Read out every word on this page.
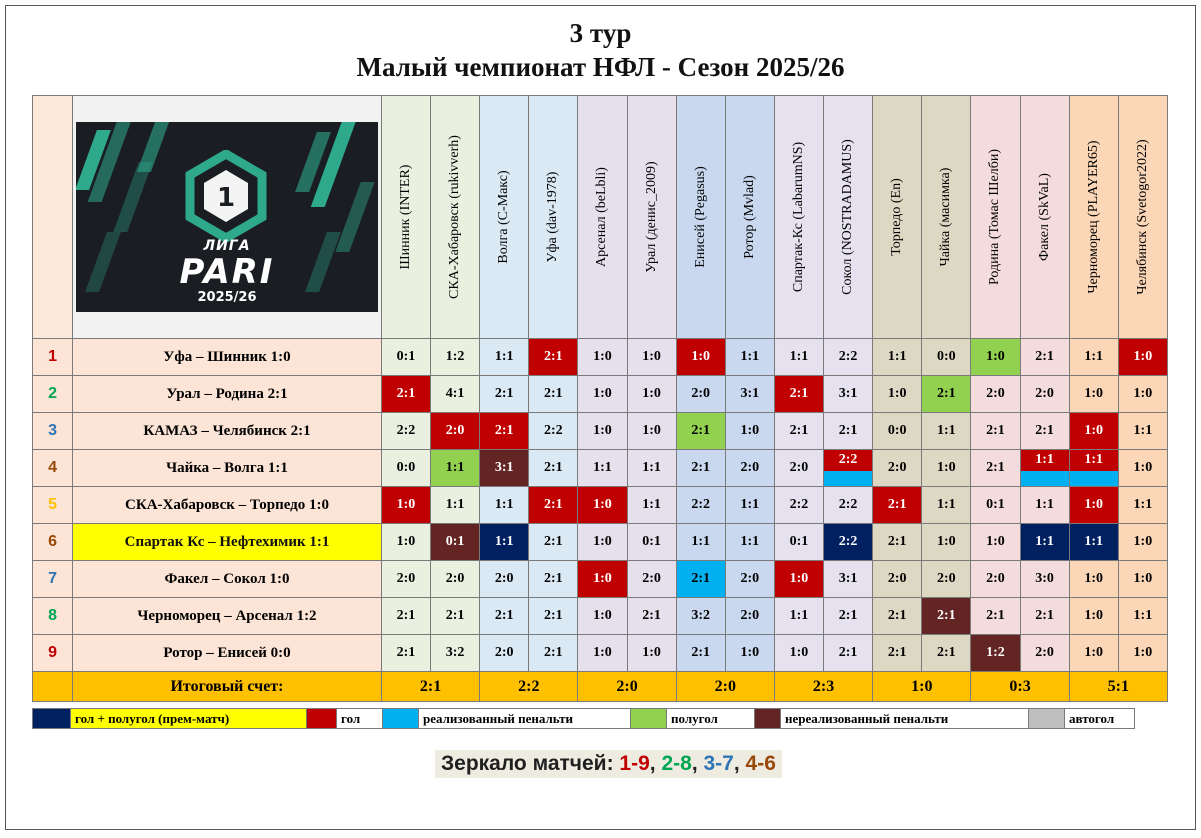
3 тур
Малый чемпионат НФЛ - Сезон 2025/26

1
ЛИГА
PARI
2025/26	Шинник (INTER)	СКА-Хабаровск (rukivverh)	Волга (С-Макс)	Уфа (dav-1978)	Арсенал (beLbli)	Урал (денис_2009)	Енисей (Pegasus)	Ротор (Mvlad)	Спартак-Кс (LabarumNS)	Сокол (NOSTRADAMUS)	Торпедо (En)	Чайка (масимка)	Родина (Томас Шелби)	Факел (SkVaL)	Черноморец (PLAYER65)	Челябинск (Svetogor2022)

1	Уфа – Шинник 1:0	0:1	1:2	1:1	2:1	1:0	1:0	1:0	1:1	1:1	2:2	1:1	0:0	1:0	2:1	1:1	1:0
2	Урал – Родина 2:1	2:1	4:1	2:1	2:1	1:0	1:0	2:0	3:1	2:1	3:1	1:0	2:1	2:0	2:0	1:0	1:0
3	КАМАЗ – Челябинск 2:1	2:2	2:0	2:1	2:2	1:0	1:0	2:1	1:0	2:1	2:1	0:0	1:1	2:1	2:1	1:0	1:1
4	Чайка – Волга 1:1	0:0	1:1	3:1	2:1	1:1	1:1	2:1	2:0	2:0	2:2	2:0	1:0	2:1	1:1	1:1	1:0
5	СКА-Хабаровск – Торпедо 1:0	1:0	1:1	1:1	2:1	1:0	1:1	2:2	1:1	2:2	2:2	2:1	1:1	0:1	1:1	1:0	1:1
6	Спартак Кс – Нефтехимик 1:1	1:0	0:1	1:1	2:1	1:0	0:1	1:1	1:1	0:1	2:2	2:1	1:0	1:0	1:1	1:1	1:0
7	Факел – Сокол 1:0	2:0	2:0	2:0	2:1	1:0	2:0	2:1	2:0	1:0	3:1	2:0	2:0	2:0	3:0	1:0	1:0
8	Черноморец – Арсенал 1:2	2:1	2:1	2:1	2:1	1:0	2:1	3:2	2:0	1:1	2:1	2:1	2:1	2:1	2:1	1:0	1:1
9	Ротор – Енисей 0:0	2:1	3:2	2:0	2:1	1:0	1:0	2:1	1:0	1:0	2:1	2:1	2:1	1:2	2:0	1:0	1:0
	Итоговый счет:	2:1		2:2		2:0		2:0		2:3		1:0		0:3		5:1	
	гол + полугол (прем-матч)		гол		реализованный пенальти		полугол		нереализованный пенальти		автогол
Зеркало матчей: 1-9, 2-8, 3-7, 4-6
